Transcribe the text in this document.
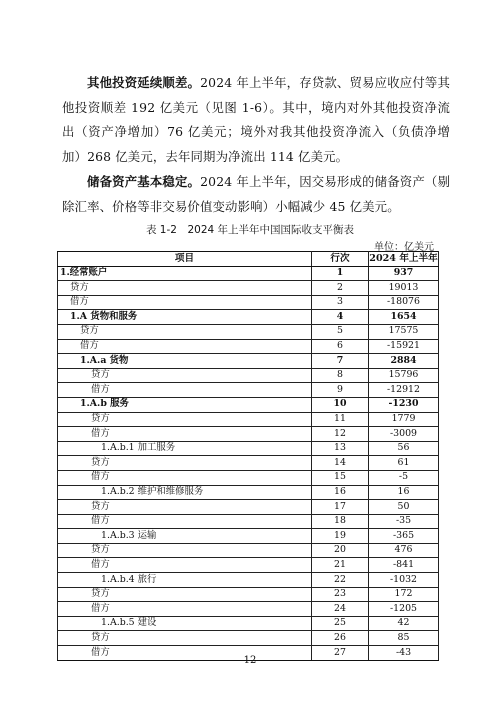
其他投资延续顺差。2024 年上半年，存贷款、贸易应收应付等其他投资顺差 192 亿美元（见图 1-6）。其中，境内对外其他投资净流出（资产净增加）76 亿美元；境外对我其他投资净流入（负债净增加）268 亿美元，去年同期为净流出 114 亿美元。
储备资产基本稳定。2024 年上半年，因交易形成的储备资产（剔除汇率、价格等非交易价值变动影响）小幅减少 45 亿美元。
表 1-2　2024 年上半年中国国际收支平衡表
单位：亿美元
项目	行次	2024 年上半年
1.经常账户	1	937
贷方	2	19013
借方	3	-18076
1.A 货物和服务	4	1654
贷方	5	17575
借方	6	-15921
1.A.a 货物	7	2884
贷方	8	15796
借方	9	-12912
1.A.b 服务	10	-1230
贷方	11	1779
借方	12	-3009
1.A.b.1 加工服务	13	56
贷方	14	61
借方	15	-5
1.A.b.2 维护和维修服务	16	16
贷方	17	50
借方	18	-35
1.A.b.3 运输	19	-365
贷方	20	476
借方	21	-841
1.A.b.4 旅行	22	-1032
贷方	23	172
借方	24	-1205
1.A.b.5 建设	25	42
贷方	26	85
借方	27	-43
12
